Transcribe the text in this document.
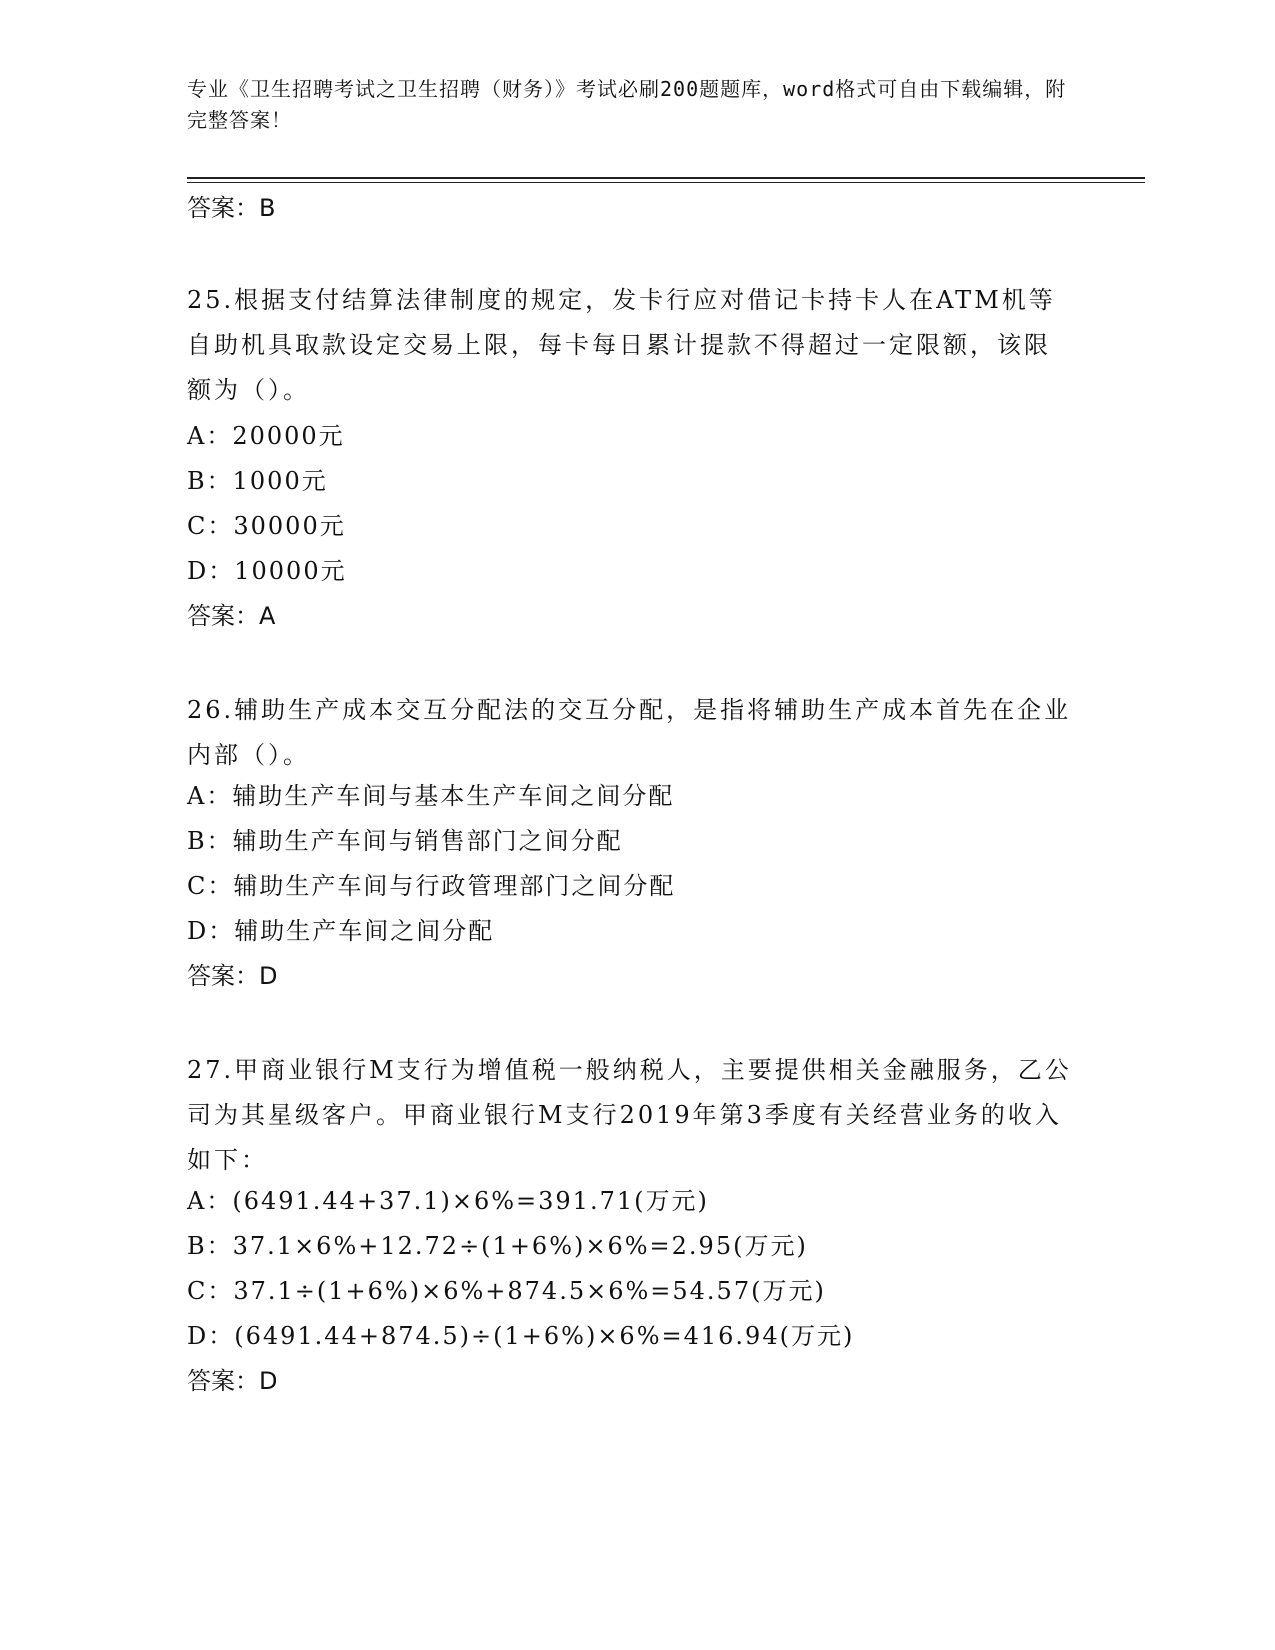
专业《卫生招聘考试之卫生招聘（财务）》考试必刷200题题库，word格式可自由下载编辑，附完整答案！
答案：B
25.根据支付结算法律制度的规定，发卡行应对借记卡持卡人在ATM机等自助机具取款设定交易上限，每卡每日累计提款不得超过一定限额，该限额为（）。
A：20000元
B：1000元
C：30000元
D：10000元
答案：A
26.辅助生产成本交互分配法的交互分配，是指将辅助生产成本首先在企业内部（）。
A：辅助生产车间与基本生产车间之间分配
B：辅助生产车间与销售部门之间分配
C：辅助生产车间与行政管理部门之间分配
D：辅助生产车间之间分配
答案：D
27.甲商业银行M支行为增值税一般纳税人，主要提供相关金融服务，乙公司为其星级客户。甲商业银行M支行2019年第3季度有关经营业务的收入如下：
A：(6491.44+37.1)×6%=391.71(万元)
B：37.1×6%+12.72÷(1+6%)×6%=2.95(万元)
C：37.1÷(1+6%)×6%+874.5×6%=54.57(万元)
D：(6491.44+874.5)÷(1+6%)×6%=416.94(万元)
答案：D
